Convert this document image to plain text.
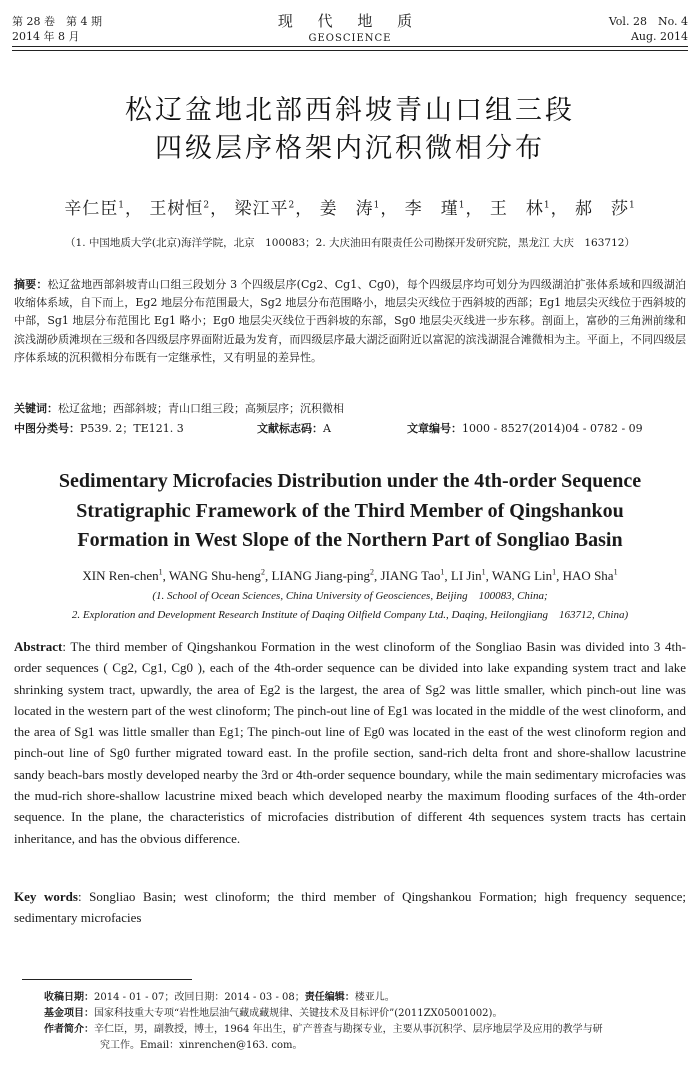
第 28 卷　第 4 期
2014 年 8 月
现 代 地 质
GEOSCIENCE
Vol. 28　No. 4
Aug. 2014
松辽盆地北部西斜坡青山口组三段
四级层序格架内沉积微相分布
辛仁臣$^1$， 王树恒$^2$， 梁江平$^2$， 姜　涛$^1$， 李　瑾$^1$， 王　林$^1$， 郝　莎$^1$
（1. 中国地质大学(北京)海洋学院，北京　100083；2. 大庆油田有限责任公司勘探开发研究院，黑龙江 大庆　163712）
摘要：松辽盆地西部斜坡青山口组三段划分 3 个四级层序(Cg2、Cg1、Cg0)，每个四级层序均可划分为四级湖泊扩张体系域和四级湖泊收缩体系域，自下而上，Eg2 地层分布范围最大，Sg2 地层分布范围略小，地层尖灭线位于西斜坡的西部；Eg1 地层尖灭线位于西斜坡的中部，Sg1 地层分布范围比 Eg1 略小；Eg0 地层尖灭线位于西斜坡的东部，Sg0 地层尖灭线进一步东移。剖面上，富砂的三角洲前缘和滨浅湖砂质滩坝在三级和各四级层序界面附近最为发育，而四级层序最大湖泛面附近以富泥的滨浅湖混合滩微相为主。平面上，不同四级层序体系域的沉积微相分布既有一定继承性，又有明显的差异性。
关键词：松辽盆地；西部斜坡；青山口组三段；高频层序；沉积微相
中图分类号：P539. 2；TE121. 3	文献标志码：A	文章编号：1000 - 8527(2014)04 - 0782 - 09
Sedimentary Microfacies Distribution under the 4th-order Sequence
Stratigraphic Framework of the Third Member of Qingshankou
Formation in West Slope of the Northern Part of Songliao Basin
XIN Ren-chen$^1$, WANG Shu-heng$^2$, LIANG Jiang-ping$^2$, JIANG Tao$^1$, LI Jin$^1$, WANG Lin$^1$, HAO Sha$^1$
(1. School of Ocean Sciences, China University of Geosciences, Beijing　100083, China;
2. Exploration and Development Research Institute of Daqing Oilfield Company Ltd., Daqing, Heilongjiang　163712, China)
Abstract: The third member of Qingshankou Formation in the west clinoform of the Songliao Basin was divided into 3 4th-order sequences ( Cg2, Cg1, Cg0 ), each of the 4th-order sequence can be divided into lake expanding system tract and lake shrinking system tract, upwardly, the area of Eg2 is the largest, the area of Sg2 was little smaller, which pinch-out line was located in the western part of the west clinoform; The pinch-out line of Eg1 was located in the middle of the west clinoform, and the area of Sg1 was little smaller than Eg1; The pinch-out line of Eg0 was located in the east of the west clinoform region and pinch-out line of Sg0 further migrated toward east. In the profile section, sand-rich delta front and shore-shallow lacustrine sandy beach-bars mostly developed nearby the 3rd or 4th-order sequence boundary, while the main sedimentary microfacies was the mud-rich shore-shallow lacustrine mixed beach which developed nearby the maximum flooding surfaces of the 4th-order sequence. In the plane, the characteristics of microfacies distribution of different 4th sequences system tracts has certain inheritance, and has the obvious difference.
Key words: Songliao Basin; west clinoform; the third member of Qingshankou Formation; high frequency sequence; sedimentary microfacies
收稿日期：2014 - 01 - 07；改回日期：2014 - 03 - 08；责任编辑：楼亚儿。
基金项目：国家科技重大专项“岩性地层油气藏成藏规律、关键技术及目标评价”(2011ZX05001002)。
作者简介：辛仁臣，男，副教授，博士，1964 年出生，矿产普查与勘探专业，主要从事沉积学、层序地层学及应用的教学与研
究工作。Email：xinrenchen@163. com。
